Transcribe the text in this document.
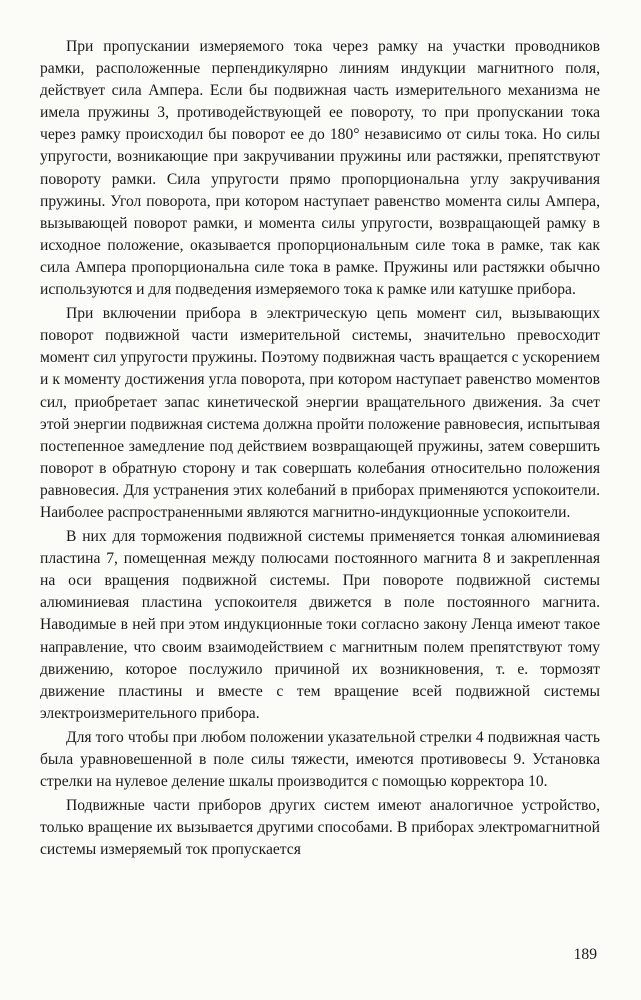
При пропускании измеряемого тока через рамку на участки проводников рамки, расположенные перпендикулярно линиям индукции магнитного поля, действует сила Ампера. Если бы подвижная часть измерительного механизма не имела пружины 3, противодействующей ее повороту, то при пропускании тока через рамку происходил бы поворот ее до 180° независимо от силы тока. Но силы упругости, возникающие при закручивании пружины или растяжки, препятствуют повороту рамки. Сила упругости прямо пропорциональна углу закручивания пружины. Угол поворота, при котором наступает равенство момента силы Ампера, вызывающей поворот рамки, и момента силы упругости, возвращающей рамку в исходное положение, оказывается пропорциональным силе тока в рамке, так как сила Ампера пропорциональна силе тока в рамке. Пружины или растяжки обычно используются и для подведения измеряемого тока к рамке или катушке прибора.

При включении прибора в электрическую цепь момент сил, вызывающих поворот подвижной части измерительной системы, значительно превосходит момент сил упругости пружины. Поэтому подвижная часть вращается с ускорением и к моменту достижения угла поворота, при котором наступает равенство моментов сил, приобретает запас кинетической энергии вращательного движения. За счет этой энергии подвижная система должна пройти положение равновесия, испытывая постепенное замедление под действием возвращающей пружины, затем совершить поворот в обратную сторону и так совершать колебания относительно положения равновесия. Для устранения этих колебаний в приборах применяются успокоители. Наиболее распространенными являются магнитно-индукционные успокоители.

В них для торможения подвижной системы применяется тонкая алюминиевая пластина 7, помещенная между полюсами постоянного магнита 8 и закрепленная на оси вращения подвижной системы. При повороте подвижной системы алюминиевая пластина успокоителя движется в поле постоянного магнита. Наводимые в ней при этом индукционные токи согласно закону Ленца имеют такое направление, что своим взаимодействием с магнитным полем препятствуют тому движению, которое послужило причиной их возникновения, т. е. тормозят движение пластины и вместе с тем вращение всей подвижной системы электроизмерительного прибора.

Для того чтобы при любом положении указательной стрелки 4 подвижная часть была уравновешенной в поле силы тяжести, имеются противовесы 9. Установка стрелки на нулевое деление шкалы производится с помощью корректора 10.

Подвижные части приборов других систем имеют аналогичное устройство, только вращение их вызывается другими способами. В приборах электромагнитной системы измеряемый ток пропускается

189
